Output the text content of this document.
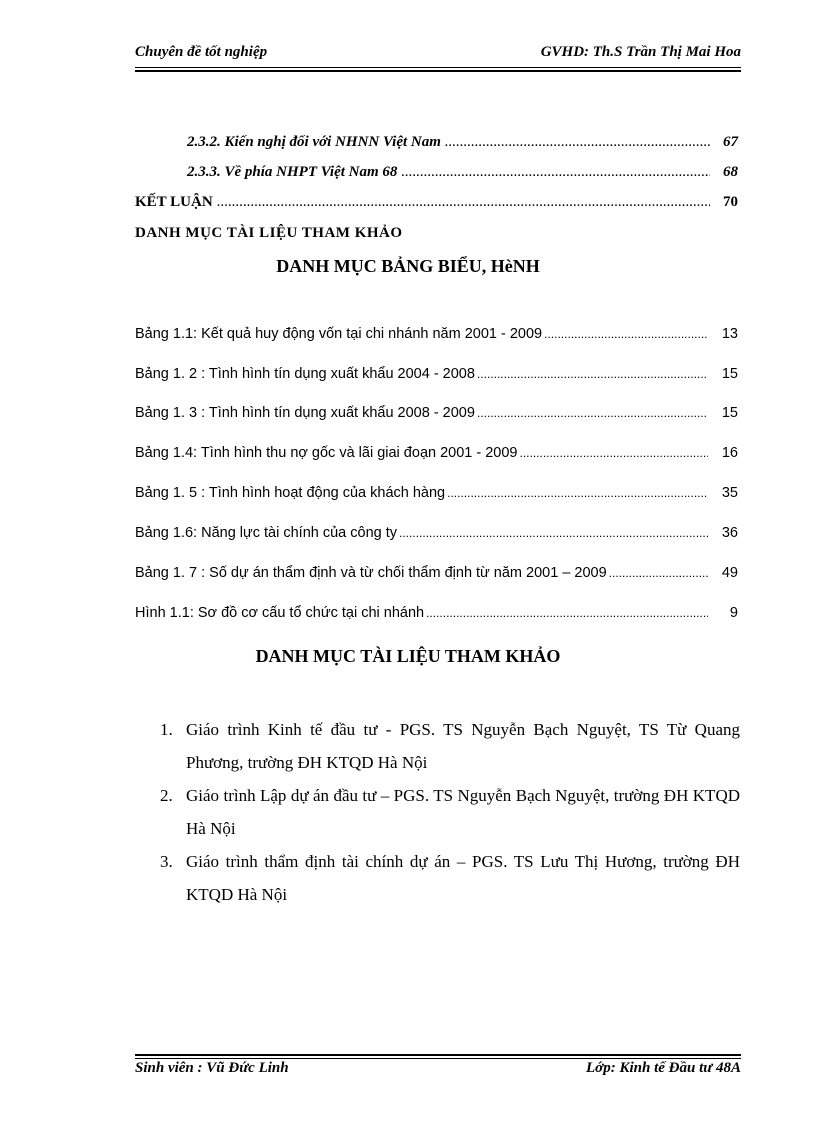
Chuyên đề tốt nghiệp	GVHD: Th.S Trần Thị Mai Hoa
2.3.2. Kiến nghị đối với NHNN Việt Nam .....	67
2.3.3. Về phía NHPT Việt Nam 68 .....	68
KẾT LUẬN .....	70
DANH MỤC TÀI LIỆU THAM KHẢO
DANH MỤC BẢNG BIỂU, HèNH
Bảng 1.1: Kết quả huy động vốn tại chi nhánh năm 2001 - 2009 .....	13
Bảng 1. 2 : Tình hình tín dụng xuất khẩu 2004 - 2008 .....	15
Bảng 1. 3 : Tình hình tín dụng xuất khẩu 2008 - 2009 .....	15
Bảng 1.4: Tình hình thu nợ gốc và lãi giai đoạn 2001 - 2009 .....	16
Bảng 1. 5 : Tình hình hoạt động của khách hàng .....	35
Bảng 1.6: Năng lực tài chính của công ty .....	36
Bảng 1. 7 : Số dự án thẩm định và từ chối thẩm định từ năm 2001 – 2009 .....	49
Hình 1.1: Sơ đồ cơ cấu tổ chức tại chi nhánh .....	9
DANH MỤC TÀI LIỆU THAM KHẢO
1. Giáo trình Kinh tế đầu tư - PGS. TS Nguyễn Bạch Nguyệt, TS Từ Quang Phương, trường ĐH KTQD Hà Nội
2. Giáo trình Lập dự án đầu tư – PGS. TS Nguyễn Bạch Nguyệt, trường ĐH KTQD Hà Nội
3. Giáo trình thẩm định tài chính dự án – PGS. TS Lưu Thị Hương, trường ĐH KTQD Hà Nội
Sinh viên : Vũ Đức Linh	Lớp: Kinh tế Đầu tư 48A
